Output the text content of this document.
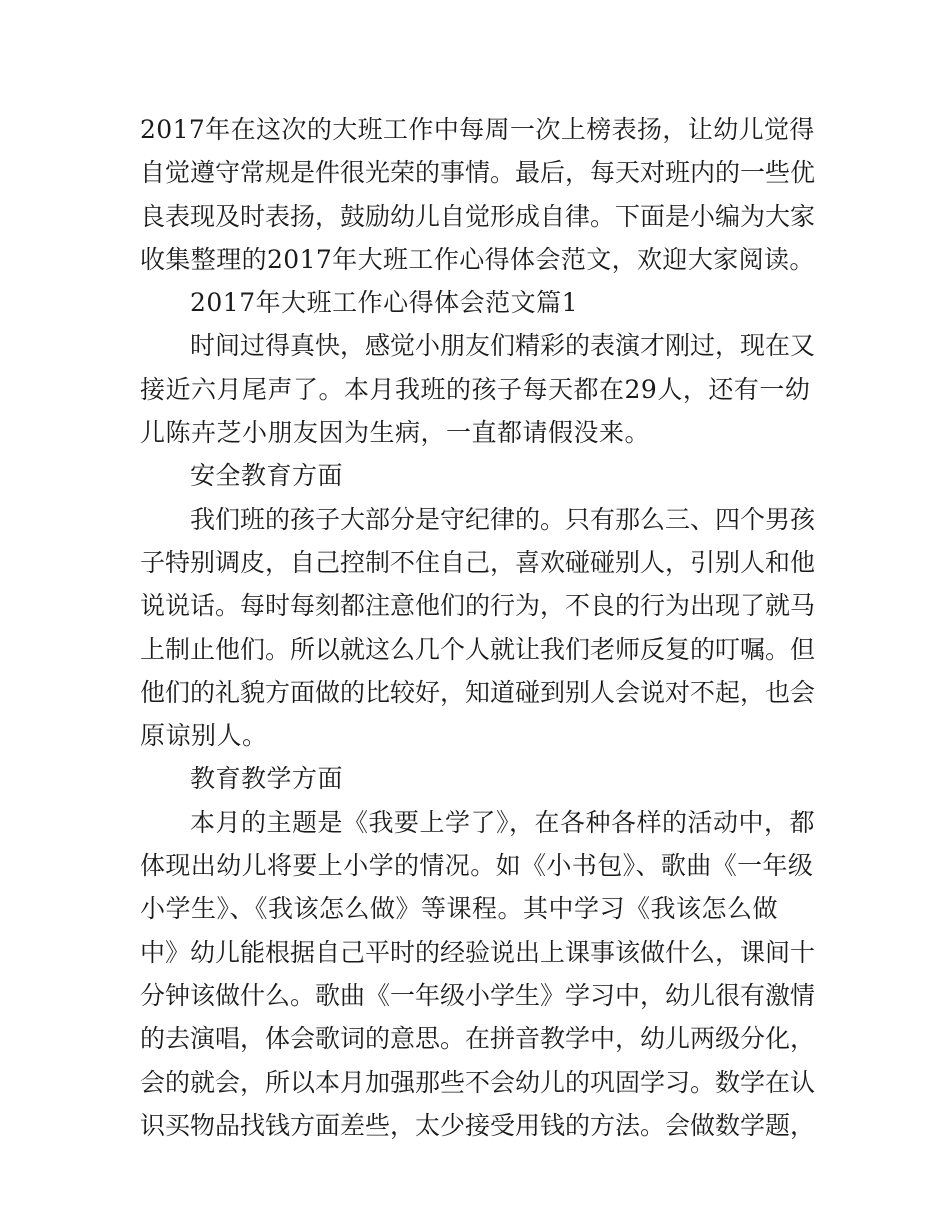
2017年在这次的大班工作中每周一次上榜表扬，让幼儿觉得
自觉遵守常规是件很光荣的事情。最后，每天对班内的一些优
良表现及时表扬，鼓励幼儿自觉形成自律。下面是小编为大家
收集整理的2017年大班工作心得体会范文，欢迎大家阅读。
2017年大班工作心得体会范文篇1
时间过得真快，感觉小朋友们精彩的表演才刚过，现在又
接近六月尾声了。本月我班的孩子每天都在29人，还有一幼
儿陈卉芝小朋友因为生病，一直都请假没来。
安全教育方面
我们班的孩子大部分是守纪律的。只有那么三、四个男孩
子特别调皮，自己控制不住自己，喜欢碰碰别人，引别人和他
说说话。每时每刻都注意他们的行为，不良的行为出现了就马
上制止他们。所以就这么几个人就让我们老师反复的叮嘱。但
他们的礼貌方面做的比较好，知道碰到别人会说对不起，也会
原谅别人。
教育教学方面
本月的主题是《我要上学了》，在各种各样的活动中，都
体现出幼儿将要上小学的情况。如《小书包》、歌曲《一年级
小学生》、《我该怎么做》等课程。其中学习《我该怎么做
中》幼儿能根据自己平时的经验说出上课事该做什么，课间十
分钟该做什么。歌曲《一年级小学生》学习中，幼儿很有激情
的去演唱，体会歌词的意思。在拼音教学中，幼儿两级分化，
会的就会，所以本月加强那些不会幼儿的巩固学习。数学在认
识买物品找钱方面差些，太少接受用钱的方法。会做数学题，
